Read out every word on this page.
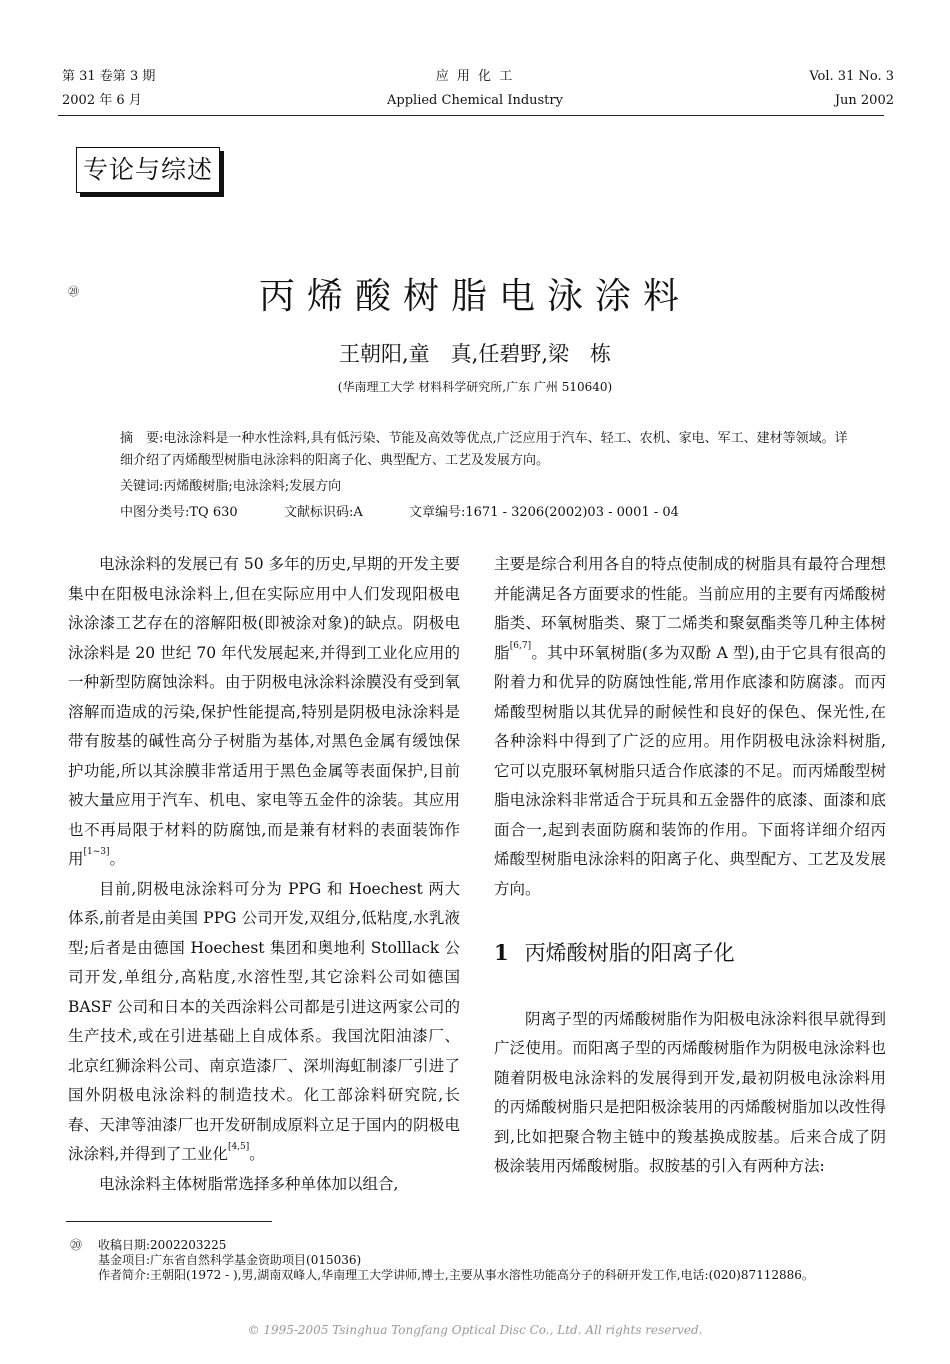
第 31 卷第 3 期
2002 年 6 月
应 用 化 工
Applied Chemical Industry
Vol. 31 No. 3
Jun 2002
专论与综述
⑳	丙烯酸树脂电泳涂料
王朝阳,童　真,任碧野,梁　栋
(华南理工大学 材料科学研究所,广东 广州 510640)
摘　要:电泳涂料是一种水性涂料,具有低污染、节能及高效等优点,广泛应用于汽车、轻工、农机、家电、军工、建材等领域。详细介绍了丙烯酸型树脂电泳涂料的阳离子化、典型配方、工艺及发展方向。
关键词:丙烯酸树脂;电泳涂料;发展方向
中图分类号:TQ 630	文献标识码:A	文章编号:1671 - 3206(2002)03 - 0001 - 04

电泳涂料的发展已有 50 多年的历史,早期的开发主要集中在阳极电泳涂料上,但在实际应用中人们发现阳极电泳涂漆工艺存在的溶解阳极(即被涂对象)的缺点。阴极电泳涂料是 20 世纪 70 年代发展起来,并得到工业化应用的一种新型防腐蚀涂料。由于阴极电泳涂料涂膜没有受到氧溶解而造成的污染,保护性能提高,特别是阴极电泳涂料是带有胺基的碱性高分子树脂为基体,对黑色金属有缓蚀保护功能,所以其涂膜非常适用于黑色金属等表面保护,目前被大量应用于汽车、机电、家电等五金件的涂装。其应用也不再局限于材料的防腐蚀,而是兼有材料的表面装饰作用[1~3]。

目前,阴极电泳涂料可分为 PPG 和 Hoechest 两大体系,前者是由美国 PPG 公司开发,双组分,低粘度,水乳液型;后者是由德国 Hoechest 集团和奥地利 Stolllack 公司开发,单组分,高粘度,水溶性型,其它涂料公司如德国 BASF 公司和日本的关西涂料公司都是引进这两家公司的生产技术,或在引进基础上自成体系。我国沈阳油漆厂、北京红狮涂料公司、南京造漆厂、深圳海虹制漆厂引进了国外阴极电泳涂料的制造技术。化工部涂料研究院,长春、天津等油漆厂也开发研制成原料立足于国内的阴极电泳涂料,并得到了工业化[4,5]。

电泳涂料主体树脂常选择多种单体加以组合,

主要是综合利用各自的特点使制成的树脂具有最符合理想并能满足各方面要求的性能。当前应用的主要有丙烯酸树脂类、环氧树脂类、聚丁二烯类和聚氨酯类等几种主体树脂[6,7]。其中环氧树脂(多为双酚 A 型),由于它具有很高的附着力和优异的防腐蚀性能,常用作底漆和防腐漆。而丙烯酸型树脂以其优异的耐候性和良好的保色、保光性,在各种涂料中得到了广泛的应用。用作阴极电泳涂料树脂,它可以克服环氧树脂只适合作底漆的不足。而丙烯酸型树脂电泳涂料非常适合于玩具和五金器件的底漆、面漆和底面合一,起到表面防腐和装饰的作用。下面将详细介绍丙烯酸型树脂电泳涂料的阳离子化、典型配方、工艺及发展方向。

1 丙烯酸树脂的阳离子化

阴离子型的丙烯酸树脂作为阳极电泳涂料很早就得到广泛使用。而阳离子型的丙烯酸树脂作为阴极电泳涂料也随着阴极电泳涂料的发展得到开发,最初阴极电泳涂料用的丙烯酸树脂只是把阳极涂装用的丙烯酸树脂加以改性得到,比如把聚合物主链中的羧基换成胺基。后来合成了阴极涂装用丙烯酸树脂。叔胺基的引入有两种方法:

⑳	收稿日期:2002203225
基金项目:广东省自然科学基金资助项目(015036)
作者简介:王朝阳(1972 - ),男,湖南双峰人,华南理工大学讲师,博士,主要从事水溶性功能高分子的科研开发工作,电话:(020)87112886。
© 1995-2005 Tsinghua Tongfang Optical Disc Co., Ltd. All rights reserved.
